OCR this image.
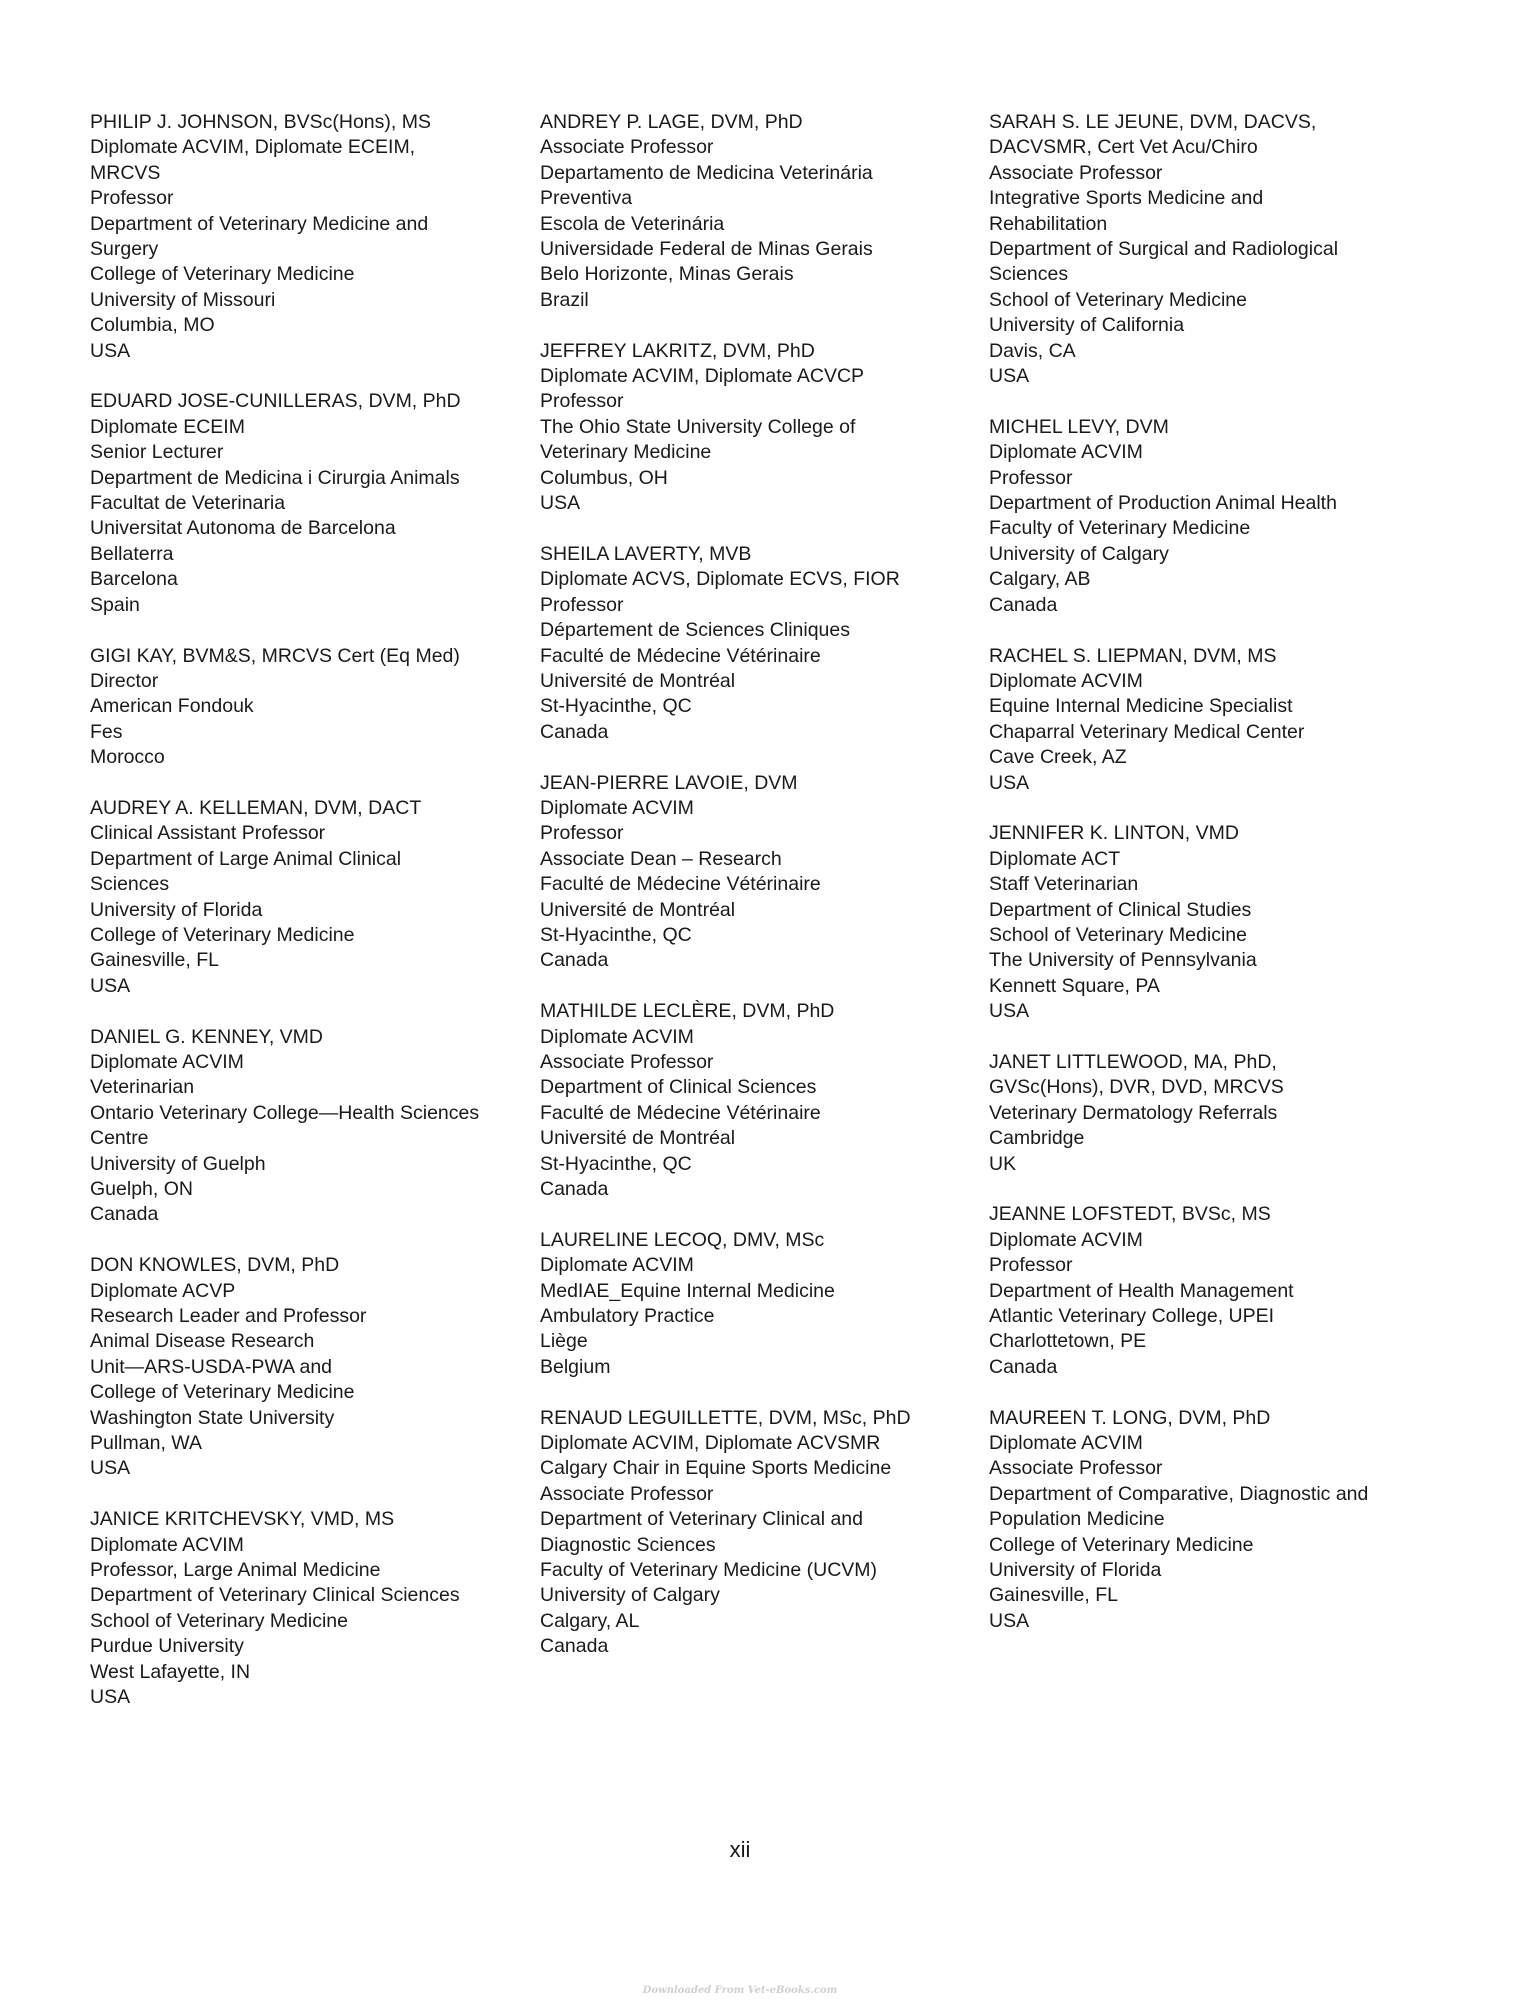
PHILIP J. JOHNSON, BVSc(Hons), MS
Diplomate ACVIM, Diplomate ECEIM,
MRCVS
Professor
Department of Veterinary Medicine and
Surgery
College of Veterinary Medicine
University of Missouri
Columbia, MO
USA
EDUARD JOSE-CUNILLERAS, DVM, PhD
Diplomate ECEIM
Senior Lecturer
Department de Medicina i Cirurgia Animals
Facultat de Veterinaria
Universitat Autonoma de Barcelona
Bellaterra
Barcelona
Spain
GIGI KAY, BVM&S, MRCVS Cert (Eq Med)
Director
American Fondouk
Fes
Morocco
AUDREY A. KELLEMAN, DVM, DACT
Clinical Assistant Professor
Department of Large Animal Clinical
Sciences
University of Florida
College of Veterinary Medicine
Gainesville, FL
USA
DANIEL G. KENNEY, VMD
Diplomate ACVIM
Veterinarian
Ontario Veterinary College—Health Sciences
Centre
University of Guelph
Guelph, ON
Canada
DON KNOWLES, DVM, PhD
Diplomate ACVP
Research Leader and Professor
Animal Disease Research
Unit—ARS-USDA-PWA and
College of Veterinary Medicine
Washington State University
Pullman, WA
USA
JANICE KRITCHEVSKY, VMD, MS
Diplomate ACVIM
Professor, Large Animal Medicine
Department of Veterinary Clinical Sciences
School of Veterinary Medicine
Purdue University
West Lafayette, IN
USA
ANDREY P. LAGE, DVM, PhD
Associate Professor
Departamento de Medicina Veterinária
Preventiva
Escola de Veterinária
Universidade Federal de Minas Gerais
Belo Horizonte, Minas Gerais
Brazil
JEFFREY LAKRITZ, DVM, PhD
Diplomate ACVIM, Diplomate ACVCP
Professor
The Ohio State University College of
Veterinary Medicine
Columbus, OH
USA
SHEILA LAVERTY, MVB
Diplomate ACVS, Diplomate ECVS, FIOR
Professor
Département de Sciences Cliniques
Faculté de Médecine Vétérinaire
Université de Montréal
St-Hyacinthe, QC
Canada
JEAN-PIERRE LAVOIE, DVM
Diplomate ACVIM
Professor
Associate Dean – Research
Faculté de Médecine Vétérinaire
Université de Montréal
St-Hyacinthe, QC
Canada
MATHILDE LECLÈRE, DVM, PhD
Diplomate ACVIM
Associate Professor
Department of Clinical Sciences
Faculté de Médecine Vétérinaire
Université de Montréal
St-Hyacinthe, QC
Canada
LAURELINE LECOQ, DMV, MSc
Diplomate ACVIM
MedIAE_Equine Internal Medicine
Ambulatory Practice
Liège
Belgium
RENAUD LEGUILLETTE, DVM, MSc, PhD
Diplomate ACVIM, Diplomate ACVSMR
Calgary Chair in Equine Sports Medicine
Associate Professor
Department of Veterinary Clinical and
Diagnostic Sciences
Faculty of Veterinary Medicine (UCVM)
University of Calgary
Calgary, AL
Canada
SARAH S. LE JEUNE, DVM, DACVS,
DACVSMR, Cert Vet Acu/Chiro
Associate Professor
Integrative Sports Medicine and
Rehabilitation
Department of Surgical and Radiological
Sciences
School of Veterinary Medicine
University of California
Davis, CA
USA
MICHEL LEVY, DVM
Diplomate ACVIM
Professor
Department of Production Animal Health
Faculty of Veterinary Medicine
University of Calgary
Calgary, AB
Canada
RACHEL S. LIEPMAN, DVM, MS
Diplomate ACVIM
Equine Internal Medicine Specialist
Chaparral Veterinary Medical Center
Cave Creek, AZ
USA
JENNIFER K. LINTON, VMD
Diplomate ACT
Staff Veterinarian
Department of Clinical Studies
School of Veterinary Medicine
The University of Pennsylvania
Kennett Square, PA
USA
JANET LITTLEWOOD, MA, PhD,
GVSc(Hons), DVR, DVD, MRCVS
Veterinary Dermatology Referrals
Cambridge
UK
JEANNE LOFSTEDT, BVSc, MS
Diplomate ACVIM
Professor
Department of Health Management
Atlantic Veterinary College, UPEI
Charlottetown, PE
Canada
MAUREEN T. LONG, DVM, PhD
Diplomate ACVIM
Associate Professor
Department of Comparative, Diagnostic and
Population Medicine
College of Veterinary Medicine
University of Florida
Gainesville, FL
USA
xii
Downloaded From Vet-eBooks.com
